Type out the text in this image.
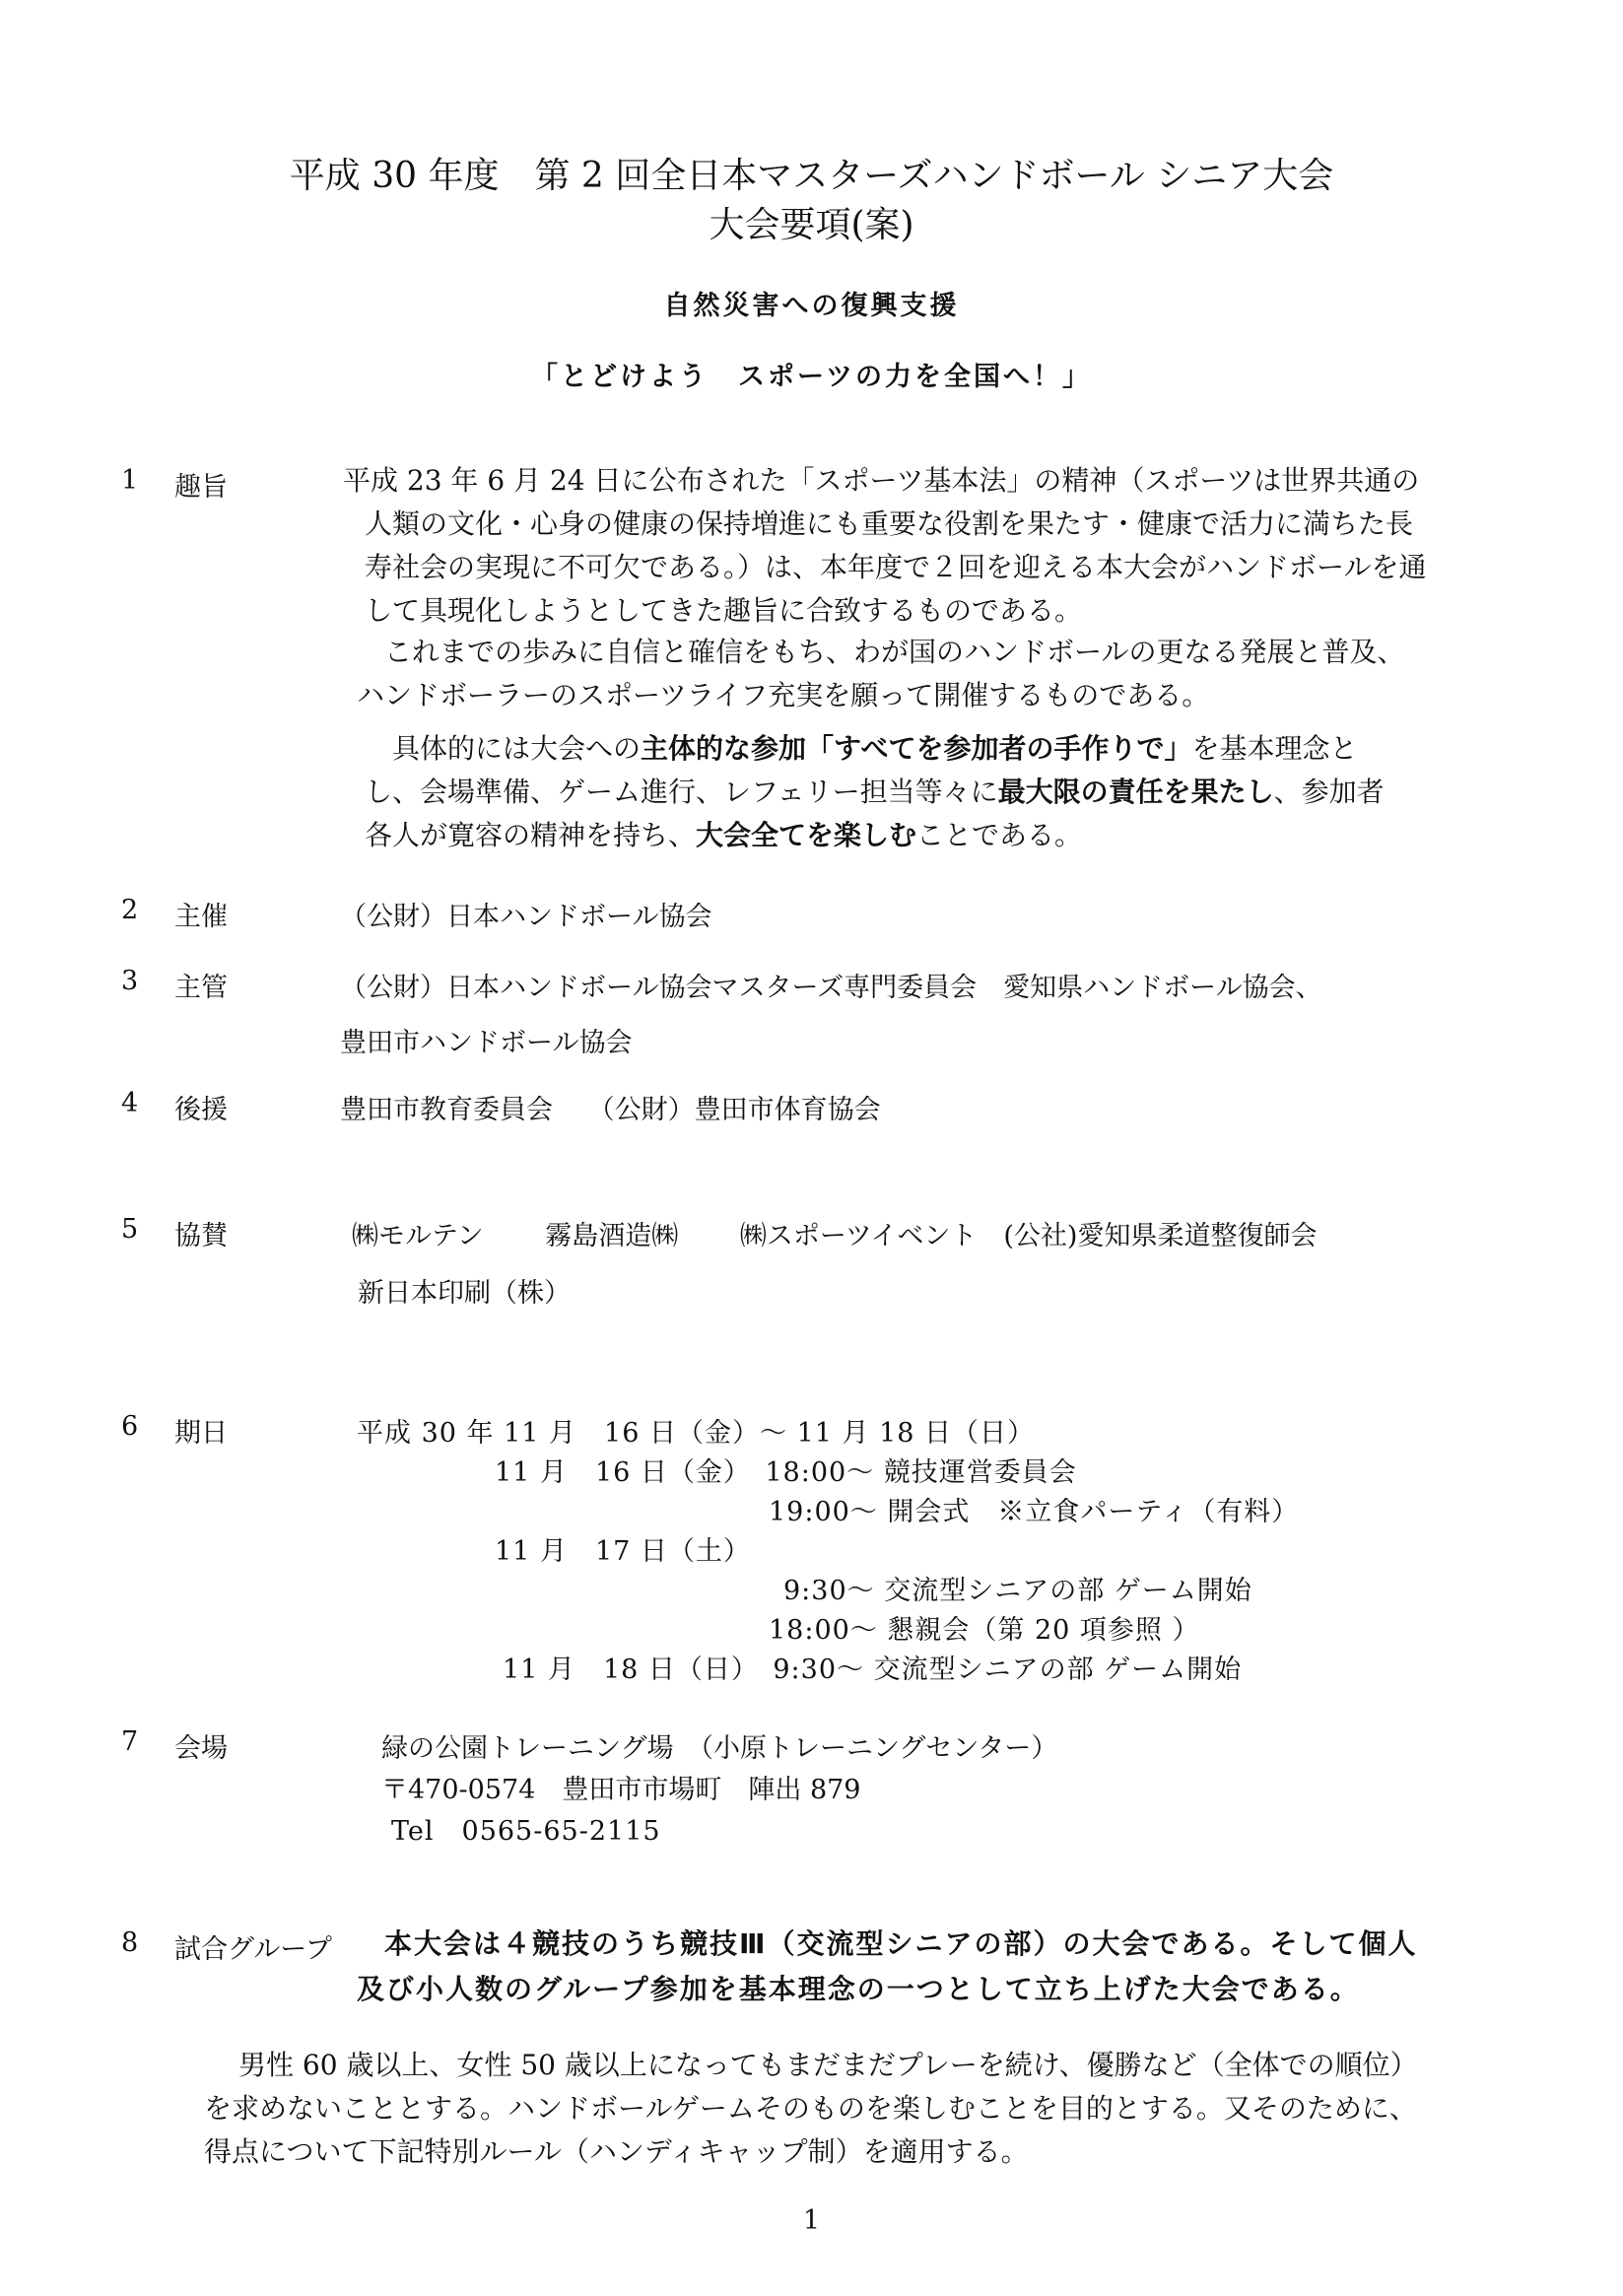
平成 30 年度　第 2 回全日本マスターズハンドボール シニア大会
大会要項(案)
自然災害への復興支援
「とどけよう　スポーツの力を全国へ！」
1 趣旨	平成 23 年 6 月 24 日に公布された「スポーツ基本法」の精神（スポーツは世界共通の
人類の文化・心身の健康の保持増進にも重要な役割を果たす・健康で活力に満ちた長
寿社会の実現に不可欠である。）は、本年度で２回を迎える本大会がハンドボールを通
して具現化しようとしてきた趣旨に合致するものである。
　これまでの歩みに自信と確信をもち、わが国のハンドボールの更なる発展と普及、
ハンドボーラーのスポーツライフ充実を願って開催するものである。
　具体的には大会への主体的な参加「すべてを参加者の手作りで」を基本理念と
し、会場準備、ゲーム進行、レフェリー担当等々に最大限の責任を果たし、参加者
各人が寛容の精神を持ち、大会全てを楽しむことである。
2 主催	（公財）日本ハンドボール協会
3 主管	（公財）日本ハンドボール協会マスターズ専門委員会　愛知県ハンドボール協会、
豊田市ハンドボール協会
4 後援	豊田市教育委員会　 （公財）豊田市体育協会
5 協賛	㈱モルテン　　 霧島酒造㈱　　 ㈱スポーツイベント　(公社)愛知県柔道整復師会
新日本印刷（株）
6 期日	平成 30 年 11 月　16 日（金）～ 11 月 18 日（日）
11 月　16 日（金）　18:00～ 競技運営委員会
19:00～ 開会式　※立食パーティ（有料）
11 月　17 日（土）
9:30～ 交流型シニアの部 ゲーム開始
18:00～ 懇親会（第 20 項参照 ）
11 月　18 日（日）　9:30～ 交流型シニアの部 ゲーム開始
7 会場	緑の公園トレーニング場　（小原トレーニングセンター）
〒470-0574　豊田市市場町　陣出 879
Tel　0565-65-2115
8 試合グループ 本大会は４競技のうち競技Ⅲ（交流型シニアの部）の大会である。そして個人
及び小人数のグループ参加を基本理念の一つとして立ち上げた大会である。
男性 60 歳以上、女性 50 歳以上になってもまだまだプレーを続け、優勝など（全体での順位）
を求めないこととする。ハンドボールゲームそのものを楽しむことを目的とする。又そのために、
得点について下記特別ルール（ハンディキャップ制）を適用する。
1
